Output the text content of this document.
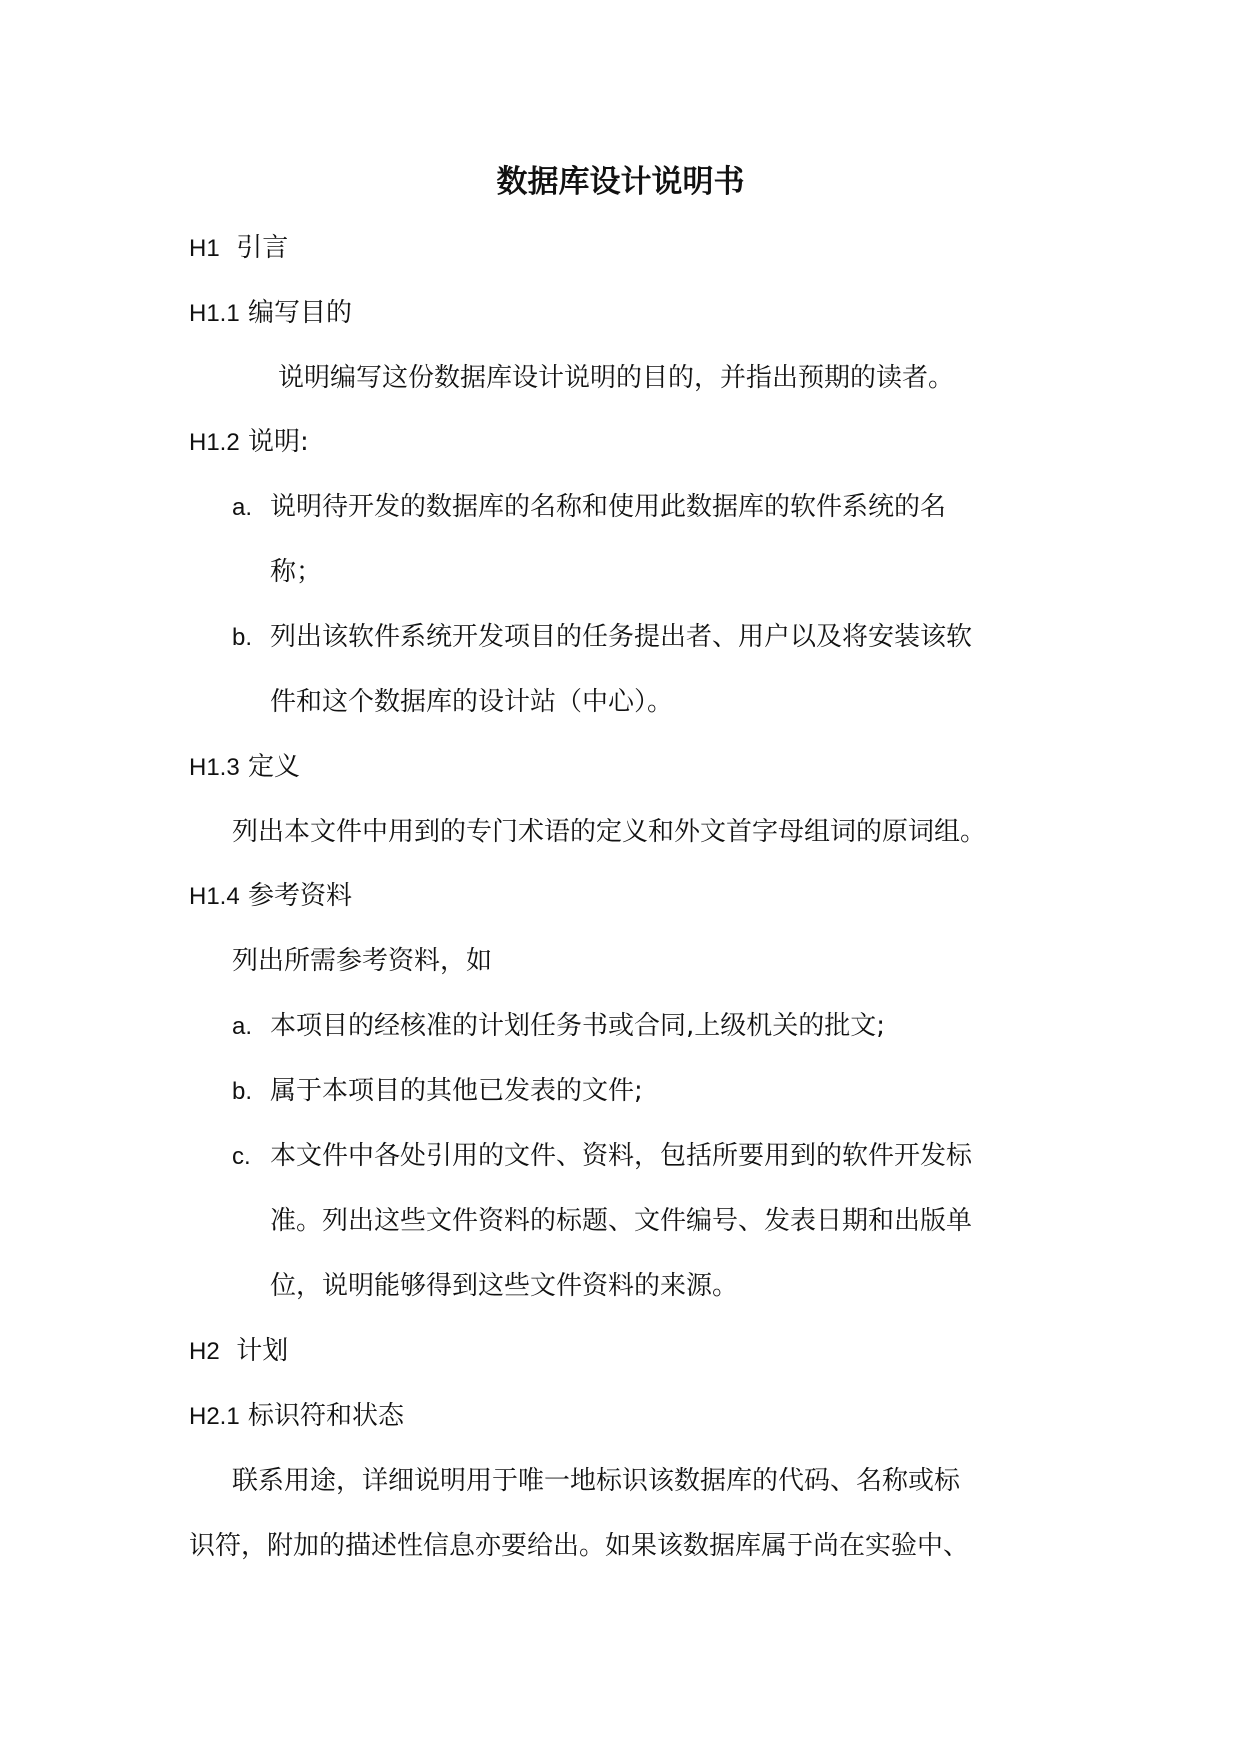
数据库设计说明书
H1 引言
H1.1 编写目的
说明编写这份数据库设计说明的目的，并指出预期的读者。
H1.2 说明:
a. 说明待开发的数据库的名称和使用此数据库的软件系统的名
称；
b. 列出该软件系统开发项目的任务提出者、用户以及将安装该软
件和这个数据库的设计站（中心）。
H1.3 定义
列出本文件中用到的专门术语的定义和外文首字母组词的原词组。
H1.4 参考资料
列出所需参考资料，如
a. 本项目的经核准的计划任务书或合同,上级机关的批文;
b. 属于本项目的其他已发表的文件;
c. 本文件中各处引用的文件、资料，包括所要用到的软件开发标
准。列出这些文件资料的标题、文件编号、发表日期和出版单
位，说明能够得到这些文件资料的来源。
H2 计划
H2.1 标识符和状态
联系用途，详细说明用于唯一地标识该数据库的代码、名称或标
识符，附加的描述性信息亦要给出。如果该数据库属于尚在实验中、
